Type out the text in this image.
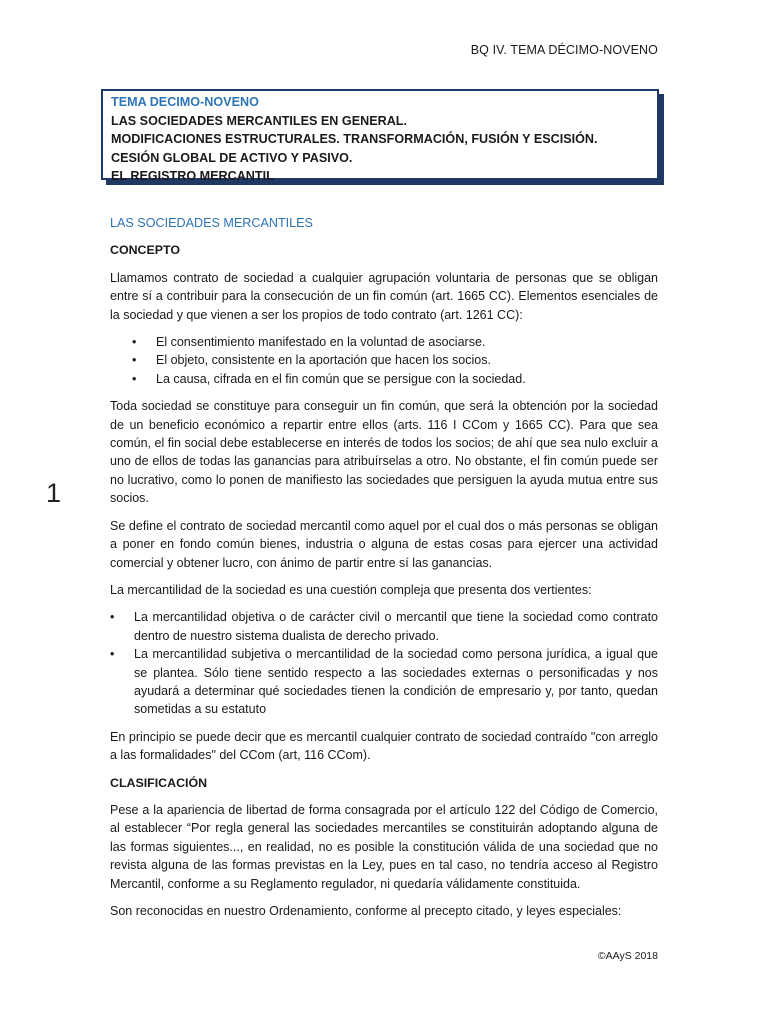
BQ IV. TEMA DÉCIMO-NOVENO
TEMA DECIMO-NOVENO
LAS SOCIEDADES MERCANTILES EN GENERAL.
MODIFICACIONES ESTRUCTURALES. TRANSFORMACIÓN, FUSIÓN Y ESCISIÓN. CESIÓN GLOBAL DE ACTIVO Y PASIVO.
EL REGISTRO MERCANTIL
1
LAS SOCIEDADES MERCANTILES
CONCEPTO

Llamamos contrato de sociedad a cualquier agrupación voluntaria de personas que se obligan entre sí a contribuir para la consecución de un fin común (art. 1665 CC). Elementos esenciales de la sociedad y que vienen a ser los propios de todo contrato (art. 1261 CC):

• El consentimiento manifestado en la voluntad de asociarse.
• El objeto, consistente en la aportación que hacen los socios.
• La causa, cifrada en el fin común que se persigue con la sociedad.

Toda sociedad se constituye para conseguir un fin común, que será la obtención por la sociedad de un beneficio económico a repartir entre ellos (arts. 116 I CCom y 1665 CC). Para que sea común, el fin social debe establecerse en interés de todos los socios; de ahí que sea nulo excluir a uno de ellos de todas las ganancias para atribuírselas a otro. No obstante, el fin común puede ser no lucrativo, como lo ponen de manifiesto las sociedades que persiguen la ayuda mutua entre sus socios.

Se define el contrato de sociedad mercantil como aquel por el cual dos o más personas se obligan a poner en fondo común bienes, industria o alguna de estas cosas para ejercer una actividad comercial y obtener lucro, con ánimo de partir entre sí las ganancias.

La mercantilidad de la sociedad es una cuestión compleja que presenta dos vertientes:

• La mercantilidad objetiva o de carácter civil o mercantil que tiene la sociedad como contrato dentro de nuestro sistema dualista de derecho privado.
• La mercantilidad subjetiva o mercantilidad de la sociedad como persona jurídica, a igual que se plantea. Sólo tiene sentido respecto a las sociedades externas o personificadas y nos ayudará a determinar qué sociedades tienen la condición de empresario y, por tanto, quedan sometidas a su estatuto

En principio se puede decir que es mercantil cualquier contrato de sociedad contraído "con arreglo a las formalidades" del CCom (art, 116 CCom).

CLASIFICACIÓN

Pese a la apariencia de libertad de forma consagrada por el artículo 122 del Código de Comercio, al establecer “Por regla general las sociedades mercantiles se constituirán adoptando alguna de las formas siguientes..., en realidad, no es posible la constitución válida de una sociedad que no revista alguna de las formas previstas en la Ley, pues en tal caso, no tendría acceso al Registro Mercantil, conforme a su Reglamento regulador, ni quedaría válidamente constituida.

Son reconocidas en nuestro Ordenamiento, conforme al precepto citado, y leyes especiales:

©AAyS 2018
